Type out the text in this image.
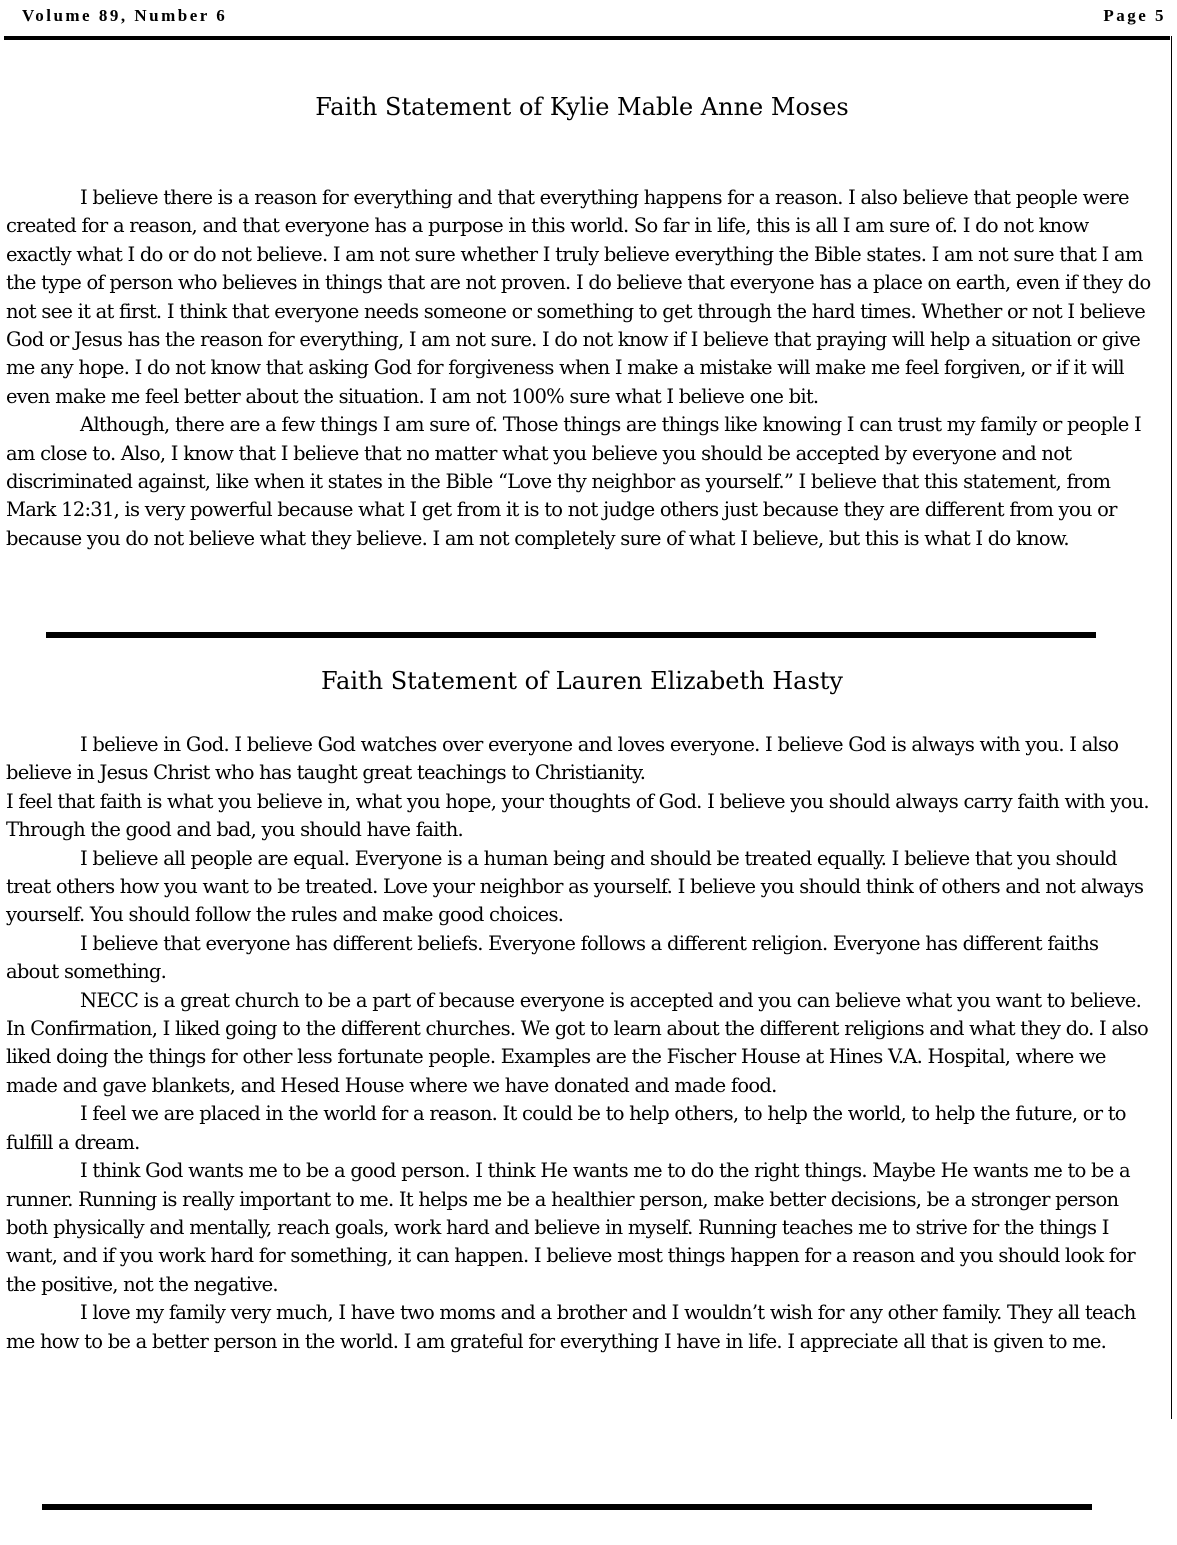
Volume 89, Number 6	Page 5
Faith Statement of Kylie Mable Anne Moses

I believe there is a reason for everything and that everything happens for a reason. I also believe that people were created for a reason, and that everyone has a purpose in this world. So far in life, this is all I am sure of. I do not know exactly what I do or do not believe. I am not sure whether I truly believe everything the Bible states. I am not sure that I am the type of person who believes in things that are not proven. I do believe that everyone has a place on earth, even if they do not see it at first. I think that everyone needs someone or something to get through the hard times. Whether or not I believe God or Jesus has the reason for everything, I am not sure. I do not know if I believe that praying will help a situation or give me any hope. I do not know that asking God for forgiveness when I make a mistake will make me feel forgiven, or if it will even make me feel better about the situation. I am not 100% sure what I believe one bit.

Although, there are a few things I am sure of. Those things are things like knowing I can trust my family or people I am close to. Also, I know that I believe that no matter what you believe you should be accepted by everyone and not discriminated against, like when it states in the Bible “Love thy neighbor as yourself.” I believe that this statement, from Mark 12:31, is very powerful because what I get from it is to not judge others just because they are different from you or because you do not believe what they believe. I am not completely sure of what I believe, but this is what I do know.

Faith Statement of Lauren Elizabeth Hasty

I believe in God. I believe God watches over everyone and loves everyone. I believe God is always with you. I also believe in Jesus Christ who has taught great teachings to Christianity.

I feel that faith is what you believe in, what you hope, your thoughts of God. I believe you should always carry faith with you. Through the good and bad, you should have faith.

I believe all people are equal. Everyone is a human being and should be treated equally. I believe that you should treat others how you want to be treated. Love your neighbor as yourself. I believe you should think of others and not always yourself. You should follow the rules and make good choices.

I believe that everyone has different beliefs. Everyone follows a different religion. Everyone has different faiths about something.

NECC is a great church to be a part of because everyone is accepted and you can believe what you want to believe. In Confirmation, I liked going to the different churches. We got to learn about the different religions and what they do. I also liked doing the things for other less fortunate people. Examples are the Fischer House at Hines V.A. Hospital, where we made and gave blankets, and Hesed House where we have donated and made food.

I feel we are placed in the world for a reason. It could be to help others, to help the world, to help the future, or to fulfill a dream.

I think God wants me to be a good person. I think He wants me to do the right things. Maybe He wants me to be a runner. Running is really important to me. It helps me be a healthier person, make better decisions, be a stronger person both physically and mentally, reach goals, work hard and believe in myself. Running teaches me to strive for the things I want, and if you work hard for something, it can happen. I believe most things happen for a reason and you should look for the positive, not the negative.

I love my family very much, I have two moms and a brother and I wouldn’t wish for any other family. They all teach me how to be a better person in the world. I am grateful for everything I have in life. I appreciate all that is given to me.
